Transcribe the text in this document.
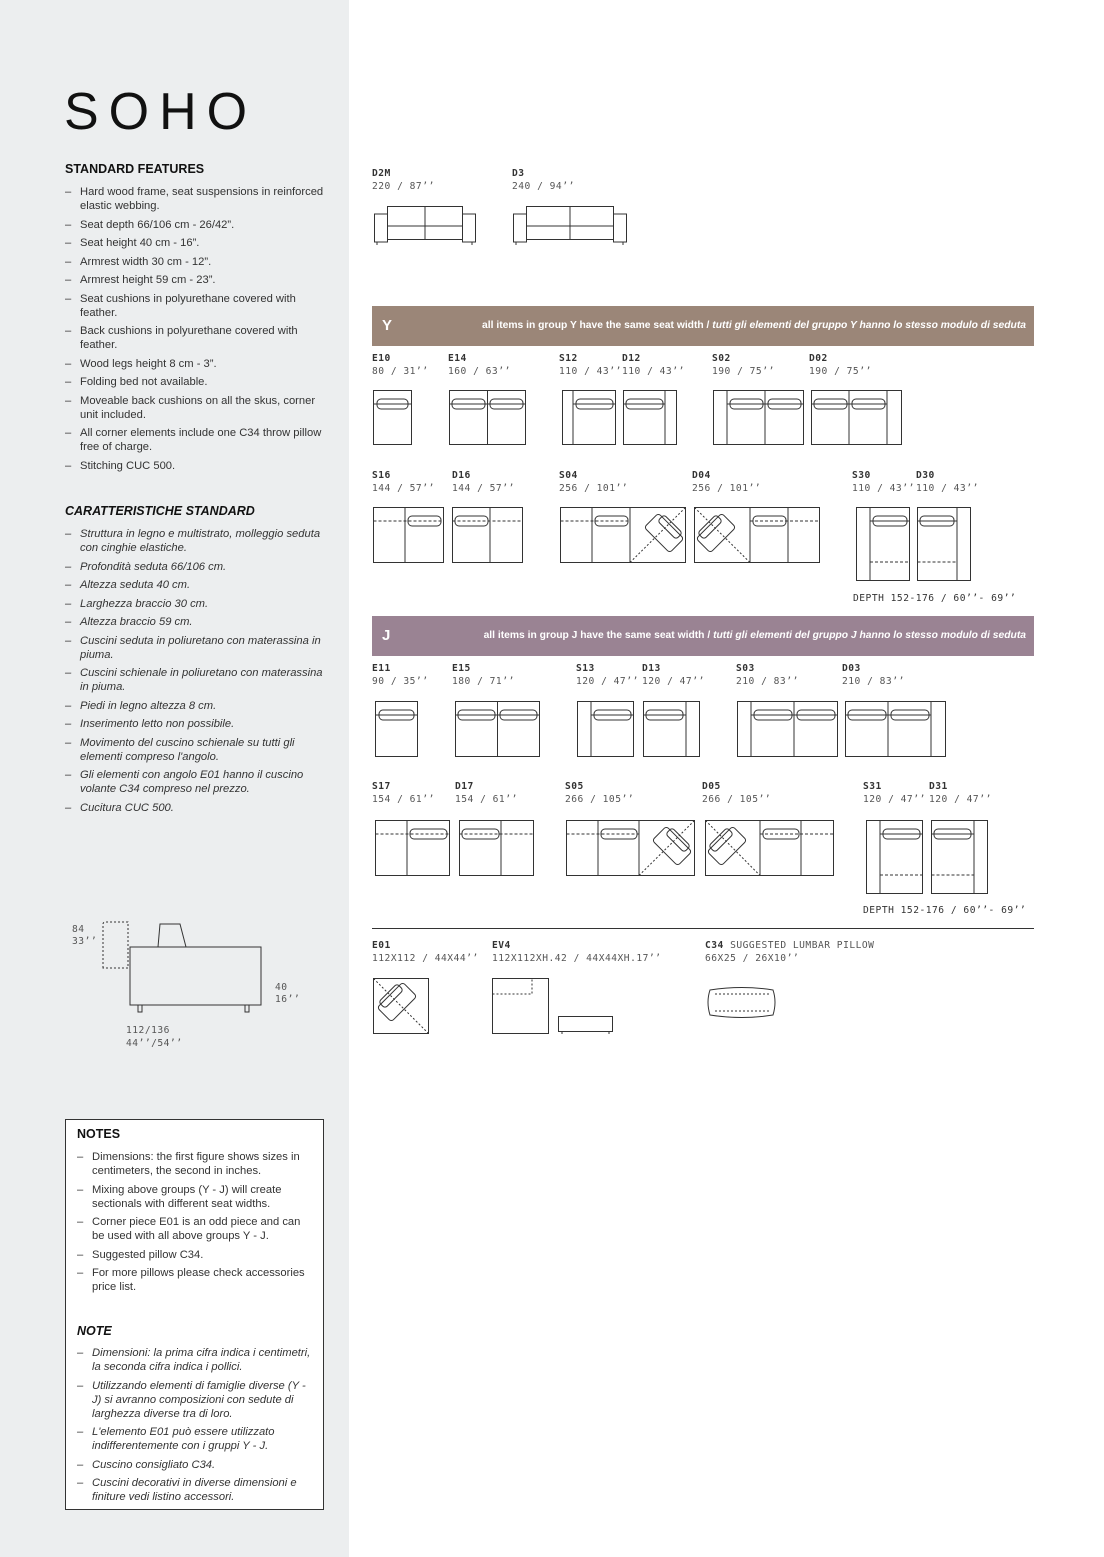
SOHO
STANDARD FEATURES
– Hard wood frame, seat suspensions in reinforced elastic webbing.
– Seat depth 66/106 cm - 26/42”.
– Seat height 40 cm - 16”.
– Armrest width 30 cm - 12”.
– Armrest height 59 cm - 23”.
– Seat cushions in polyurethane covered with feather.
– Back cushions in polyurethane covered with feather.
– Wood legs height 8 cm - 3”.
– Folding bed not available.
– Moveable back cushions on all the skus, corner unit included.
– All corner elements include one C34 throw pillow free of charge.
– Stitching CUC 500.
CARATTERISTICHE STANDARD
– Struttura in legno e multistrato, molleggio seduta con cinghie elastiche.
– Profondità seduta 66/106 cm.
– Altezza seduta 40 cm.
– Larghezza braccio 30 cm.
– Altezza braccio 59 cm.
– Cuscini seduta in poliuretano con materassina in piuma.
– Cuscini schienale in poliuretano con materassina in piuma.
– Piedi in legno altezza 8 cm.
– Inserimento letto non possibile.
– Movimento del cuscino schienale su tutti gli elementi compreso l'angolo.
– Gli elementi con angolo E01 hanno il cuscino volante C34 compreso nel prezzo.
– Cucitura CUC 500.
84
33’’
40
16’’
112/136
44’’/54’’
NOTES
– Dimensions: the first figure shows sizes in centimeters, the second in inches.
– Mixing above groups (Y - J) will create sectionals with different seat widths.
– Corner piece E01 is an odd piece and can be used with all above groups Y - J.
– Suggested pillow C34.
– For more pillows please check accessories price list.
NOTE
– Dimensioni: la prima cifra indica i centimetri, la seconda cifra indica i pollici.
– Utilizzando elementi di famiglie diverse (Y - J) si avranno composizioni con sedute di larghezza diverse tra di loro.
– L'elemento E01 può essere utilizzato indifferentemente con i gruppi Y - J.
– Cuscino consigliato C34.
– Cuscini decorativi in diverse dimensioni e finiture vedi listino accessori.
D2M
220 / 87’’
D3
240 / 94’’
Y	all items in group Y have the same seat width / tutti gli elementi del gruppo Y hanno lo stesso modulo di seduta
E10
80 / 31’’
E14
160 / 63’’
S12
110 / 43’’
D12
110 / 43’’
S02
190 / 75’’
D02
190 / 75’’
S16
144 / 57’’
D16
144 / 57’’
S04
256 / 101’’
D04
256 / 101’’
S30
110 / 43’’
D30
110 / 43’’
DEPTH 152-176 / 60’’- 69’’
J	all items in group J have the same seat width / tutti gli elementi del gruppo J hanno lo stesso modulo di seduta
E11
90 / 35’’
E15
180 / 71’’
S13
120 / 47’’
D13
120 / 47’’
S03
210 / 83’’
D03
210 / 83’’
S17
154 / 61’’
D17
154 / 61’’
S05
266 / 105’’
D05
266 / 105’’
S31
120 / 47’’
D31
120 / 47’’
DEPTH 152-176 / 60’’- 69’’
E01
112X112 / 44X44’’
EV4
112X112XH.42 / 44X44XH.17’’
C34 SUGGESTED LUMBAR PILLOW
66X25 / 26X10’’
